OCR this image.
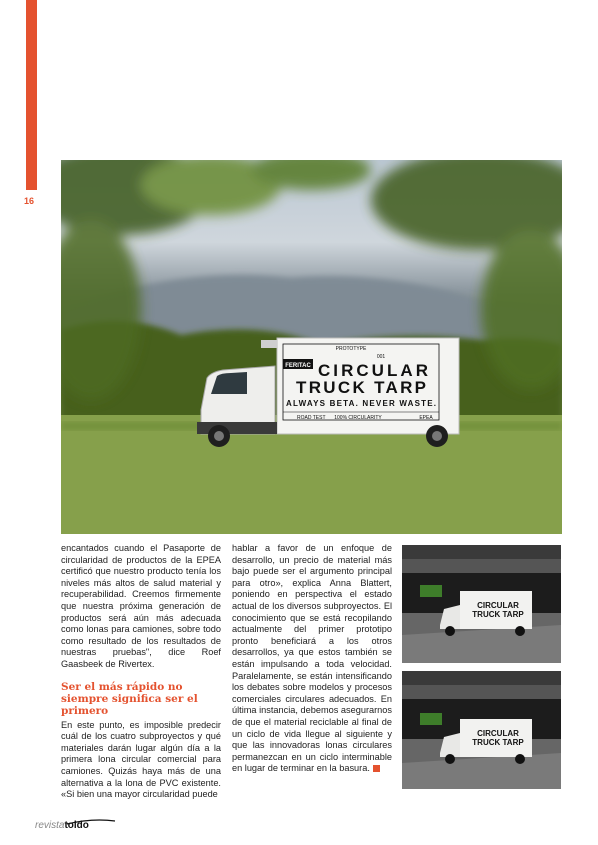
ACTUALIDAD
16
FERITAC
PROTOTYPE
001
CIRCULAR
TRUCK TARP
ALWAYS BETA. NEVER WASTE.
ROAD TEST 100% CIRCULARITY	EPEA

encantados cuando el Pasaporte de circularidad de productos de la EPEA certificó que nuestro producto tenía los niveles más altos de salud material y recuperabilidad. Creemos firmemente que nuestra próxima generación de productos será aún más adecuada como lonas para camiones, sobre todo como resultado de los resultados de nuestras pruebas", dice Roef Gaasbeek de Rivertex.

Ser el más rápido no siempre significa ser el primero

En este punto, es imposible predecir cuál de los cuatro subproyectos y qué materiales darán lugar algún día a la primera lona circular comercial para camiones. Quizás haya más de una alternativa a la lona de PVC existente. «Si bien una mayor circularidad puede

hablar a favor de un enfoque de desarrollo, un precio de material más bajo puede ser el argumento principal para otro», explica Anna Blattert, poniendo en perspectiva el estado actual de los diversos subproyectos. El conocimiento que se está recopilando actualmente del primer prototipo pronto beneficiará a los otros desarrollos, ya que estos también se están impulsando a toda velocidad. Paralelamente, se están intensificando los debates sobre modelos y procesos comerciales circulares adecuados. En última instancia, debemos asegurarnos de que el material reciclable al final de un ciclo de vida llegue al siguiente y que las innovadoras lonas circulares permanezcan en un ciclo interminable en lugar de terminar en la basura.

CIRCULAR
TRUCK TARP
CIRCULAR
TRUCK TARP
revistatoldo
